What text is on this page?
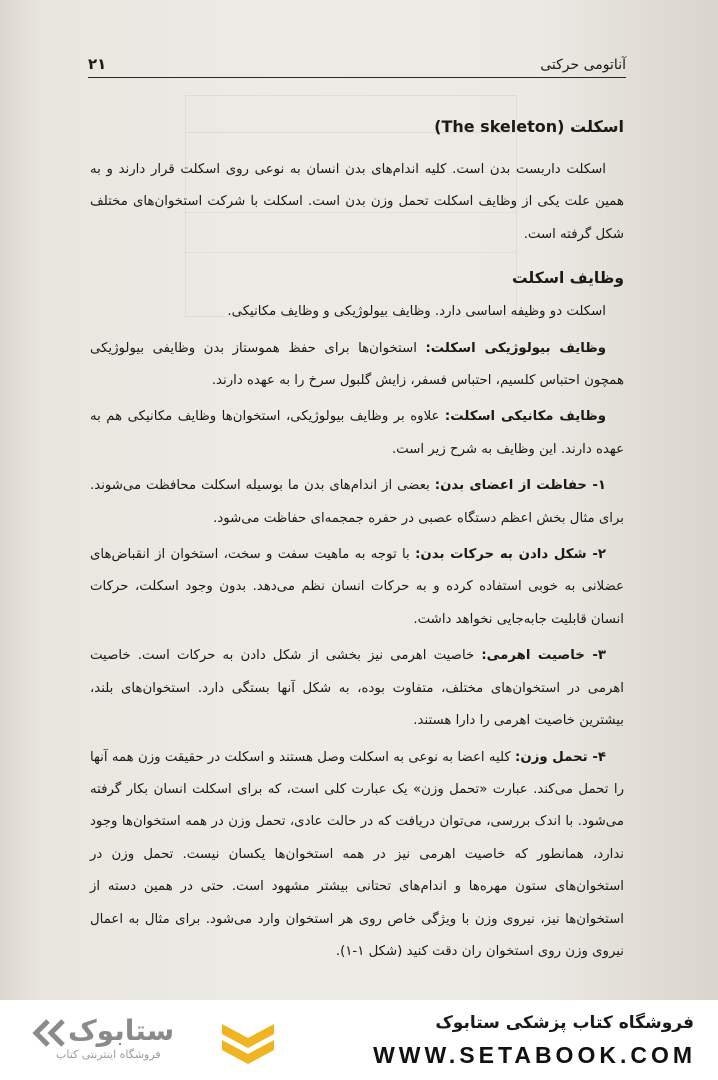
آناتومی حرکتی
۲۱

اسکلت (The skeleton)

اسکلت داربست بدن است. کلیه اندام‌های بدن انسان به نوعی روی اسکلت قرار دارند و به همین علت یکی از وظایف اسکلت تحمل وزن بدن است. اسکلت با شرکت استخوان‌های مختلف شکل گرفته است.

وظایف اسکلت

اسکلت دو وظیفه اساسی دارد. وظایف بیولوژیکی و وظایف مکانیکی.

وظایف بیولوژیکی اسکلت: استخوان‌ها برای حفظ هموستاز بدن وظایفی بیولوژیکی همچون احتباس کلسیم، احتباس فسفر، زایش گلبول سرخ را به عهده دارند.

وظایف مکانیکی اسکلت: علاوه بر وظایف بیولوژیکی، استخوان‌ها وظایف مکانیکی هم به عهده دارند. این وظایف به شرح زیر است.

۱- حفاظت از اعضای بدن: بعضی از اندام‌های بدن ما بوسیله اسکلت محافظت می‌شوند. برای مثال بخش اعظم دستگاه عصبی در حفره جمجمه‌ای حفاظت می‌شود.

۲- شکل دادن به حرکات بدن: با توجه به ماهیت سفت و سخت، استخوان از انقباض‌های عضلانی به خوبی استفاده کرده و به حرکات انسان نظم می‌دهد. بدون وجود اسکلت، حرکات انسان قابلیت جابه‌جایی نخواهد داشت.

۳- خاصیت اهرمی: خاصیت اهرمی نیز بخشی از شکل دادن به حرکات است. خاصیت اهرمی در استخوان‌های مختلف، متفاوت بوده، به شکل آنها بستگی دارد. استخوان‌های بلند، بیشترین خاصیت اهرمی را دارا هستند.

۴- تحمل وزن: کلیه اعضا به نوعی به اسکلت وصل هستند و اسکلت در حقیقت وزن همه آنها را تحمل می‌کند. عبارت «تحمل وزن» یک عبارت کلی است، که برای اسکلت انسان بکار گرفته می‌شود. با اندک بررسی، می‌توان دریافت که در حالت عادی، تحمل وزن در همه استخوان‌ها وجود ندارد، همانطور که خاصیت اهرمی نیز در همه استخوان‌ها یکسان نیست. تحمل وزن در استخوان‌های ستون مهره‌ها و اندام‌های تحتانی بیشتر مشهود است. حتی در همین دسته از استخوان‌ها نیز، نیروی وزن با ویژگی خاص روی هر استخوان وارد می‌شود. برای مثال به اعمال نیروی وزن روی استخوان ران دقت کنید (شکل ۱-۱).

ستابوک
فروشگاه اینترنتی کتاب
فروشگاه کتاب پزشکی ستابوک
WWW.SETABOOK.COM
